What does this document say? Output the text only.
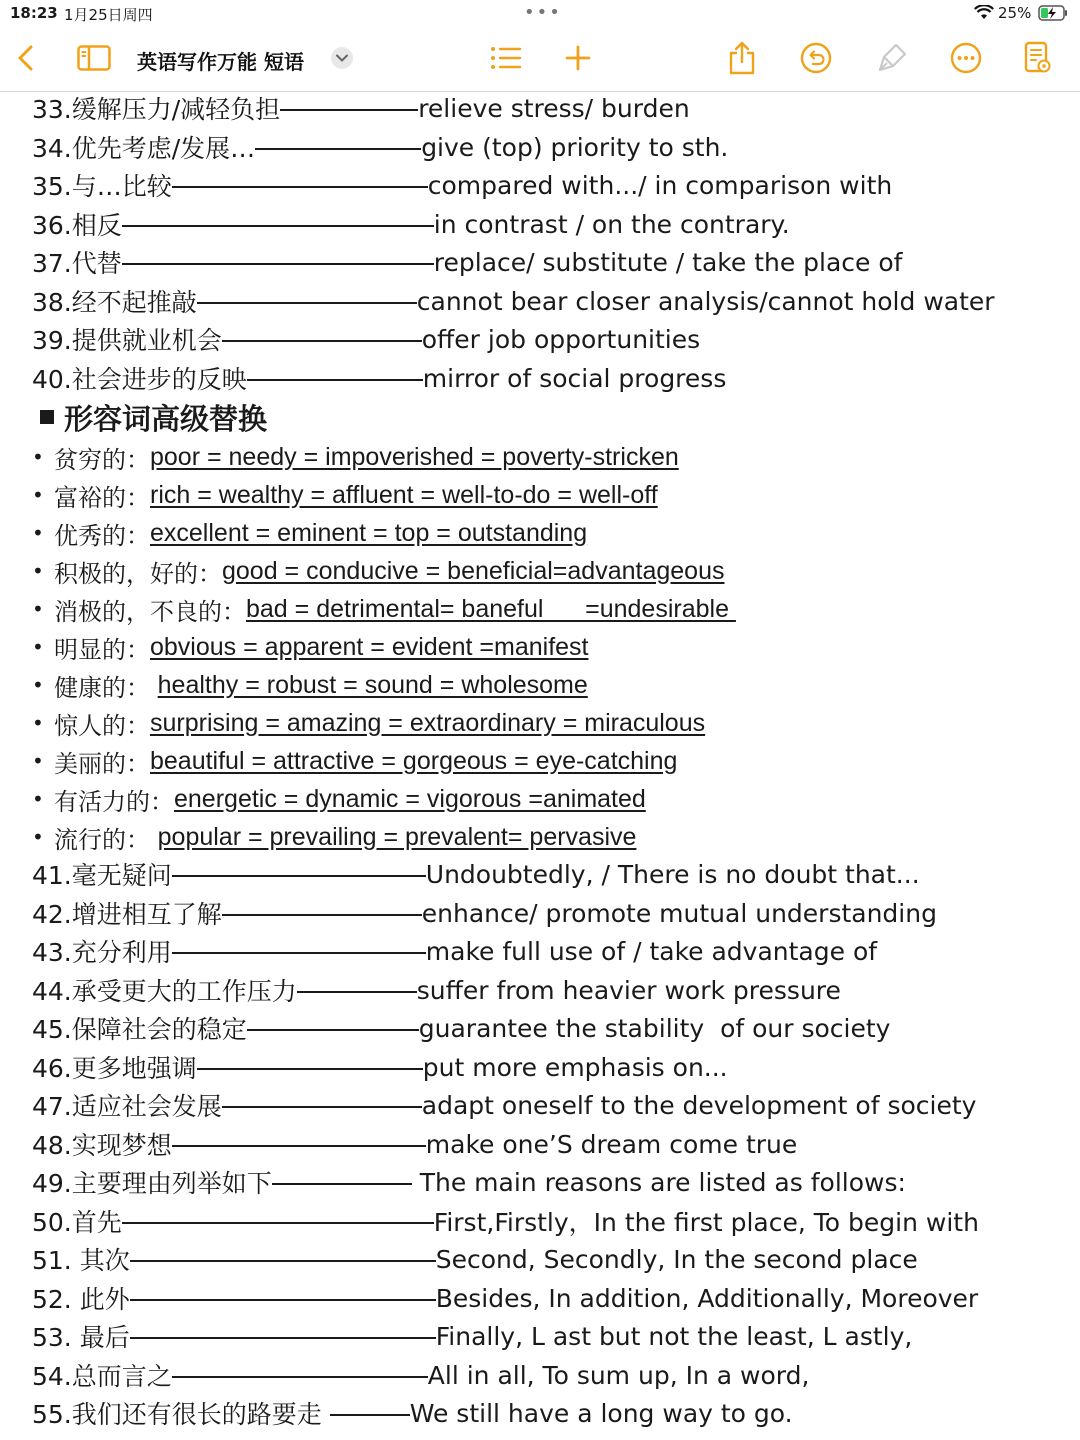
18:23 1月25日周四	•••	25%
英语写作万能 短语
33.缓解压力/减轻负担	relieve stress/ burden
34.优先考虑/发展…	give (top) priority to sth.
35.与…比较	compared with.../ in comparison with
36.相反	in contrast / on the contrary.
37.代替	replace/ substitute / take the place of
38.经不起推敲	cannot bear closer analysis/cannot hold water
39.提供就业机会	offer job opportunities
40.社会进步的反映	mirror of social progress
形容词高级替换
• 贫穷的： poor = needy = impoverished = poverty-stricken
• 富裕的： rich = wealthy = affluent = well-to-do = well-off
• 优秀的： excellent = eminent = top = outstanding
• 积极的，好的： good = conducive = beneficial=advantageous
• 消极的，不良的： bad = detrimental= baneful      =undesirable
• 明显的： obvious = apparent = evident =manifest
• 健康的： healthy = robust = sound = wholesome
• 惊人的： surprising = amazing = extraordinary = miraculous
• 美丽的： beautiful = attractive = gorgeous = eye-catching
• 有活力的： energetic = dynamic = vigorous =animated
• 流行的： popular = prevailing = prevalent= pervasive
41.毫无疑问	Undoubtedly, / There is no doubt that...
42.增进相互了解	enhance/ promote mutual understanding
43.充分利用	make full use of / take advantage of
44.承受更大的工作压力	suffer from heavier work pressure
45.保障社会的稳定	guarantee the stability  of our society
46.更多地强调	put more emphasis on...
47.适应社会发展	adapt oneself to the development of society
48.实现梦想	make one’S dream come true
49.主要理由列举如下	The main reasons are listed as follows:
50.首先	First,Firstly，In the first place, To begin with
51. 其次	Second, Secondly, In the second place
52. 此外	Besides, In addition, Additionally, Moreover
53. 最后	Finally, L ast but not the least, L astly,
54.总而言之	All in all, To sum up, In a word,
55.我们还有很长的路要走	We still have a long way to go.
